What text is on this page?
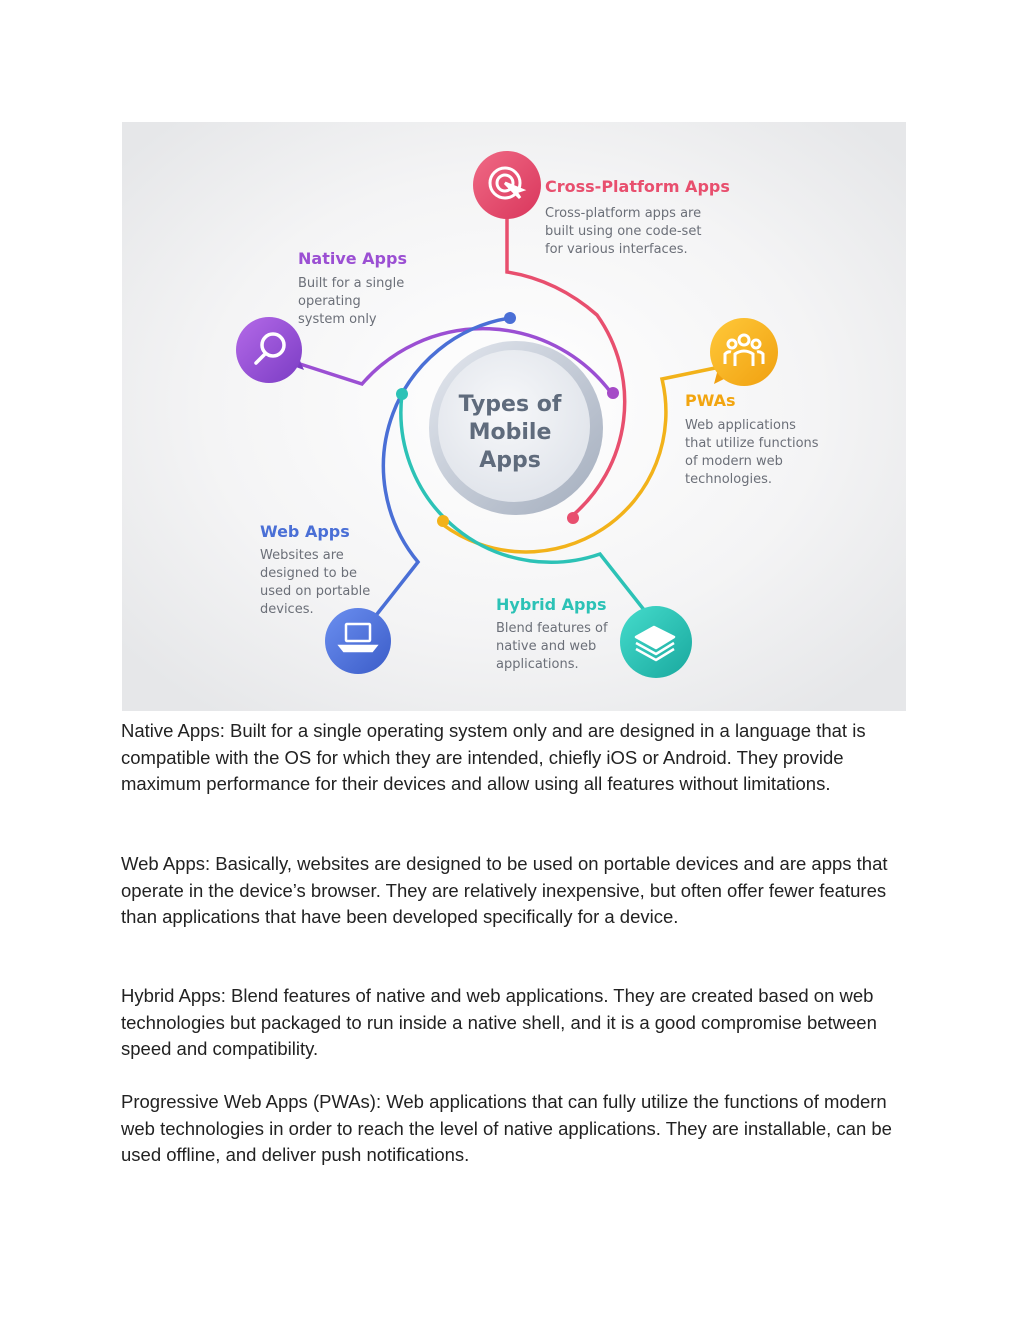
Types of
Mobile
Apps
Cross-Platform Apps
Cross-platform apps are
built using one code-set
for various interfaces.
Native Apps
Built for a single
operating
system only
PWAs
Web applications
that utilize functions
of modern web
technologies.
Web Apps
Websites are
designed to be
used on portable
devices.	Hybrid Apps
Blend features of
native and web
applications.

Native Apps: Built for a single operating system only and are designed in a language that is compatible with the OS for which they are intended, chiefly iOS or Android. They provide maximum performance for their devices and allow using all features without limitations.

Web Apps: Basically, websites are designed to be used on portable devices and are apps that operate in the device’s browser. They are relatively inexpensive, but often offer fewer features than applications that have been developed specifically for a device.

Hybrid Apps: Blend features of native and web applications. They are created based on web technologies but packaged to run inside a native shell, and it is a good compromise between speed and compatibility.

Progressive Web Apps (PWAs): Web applications that can fully utilize the functions of modern web technologies in order to reach the level of native applications. They are installable, can be used offline, and deliver push notifications.
